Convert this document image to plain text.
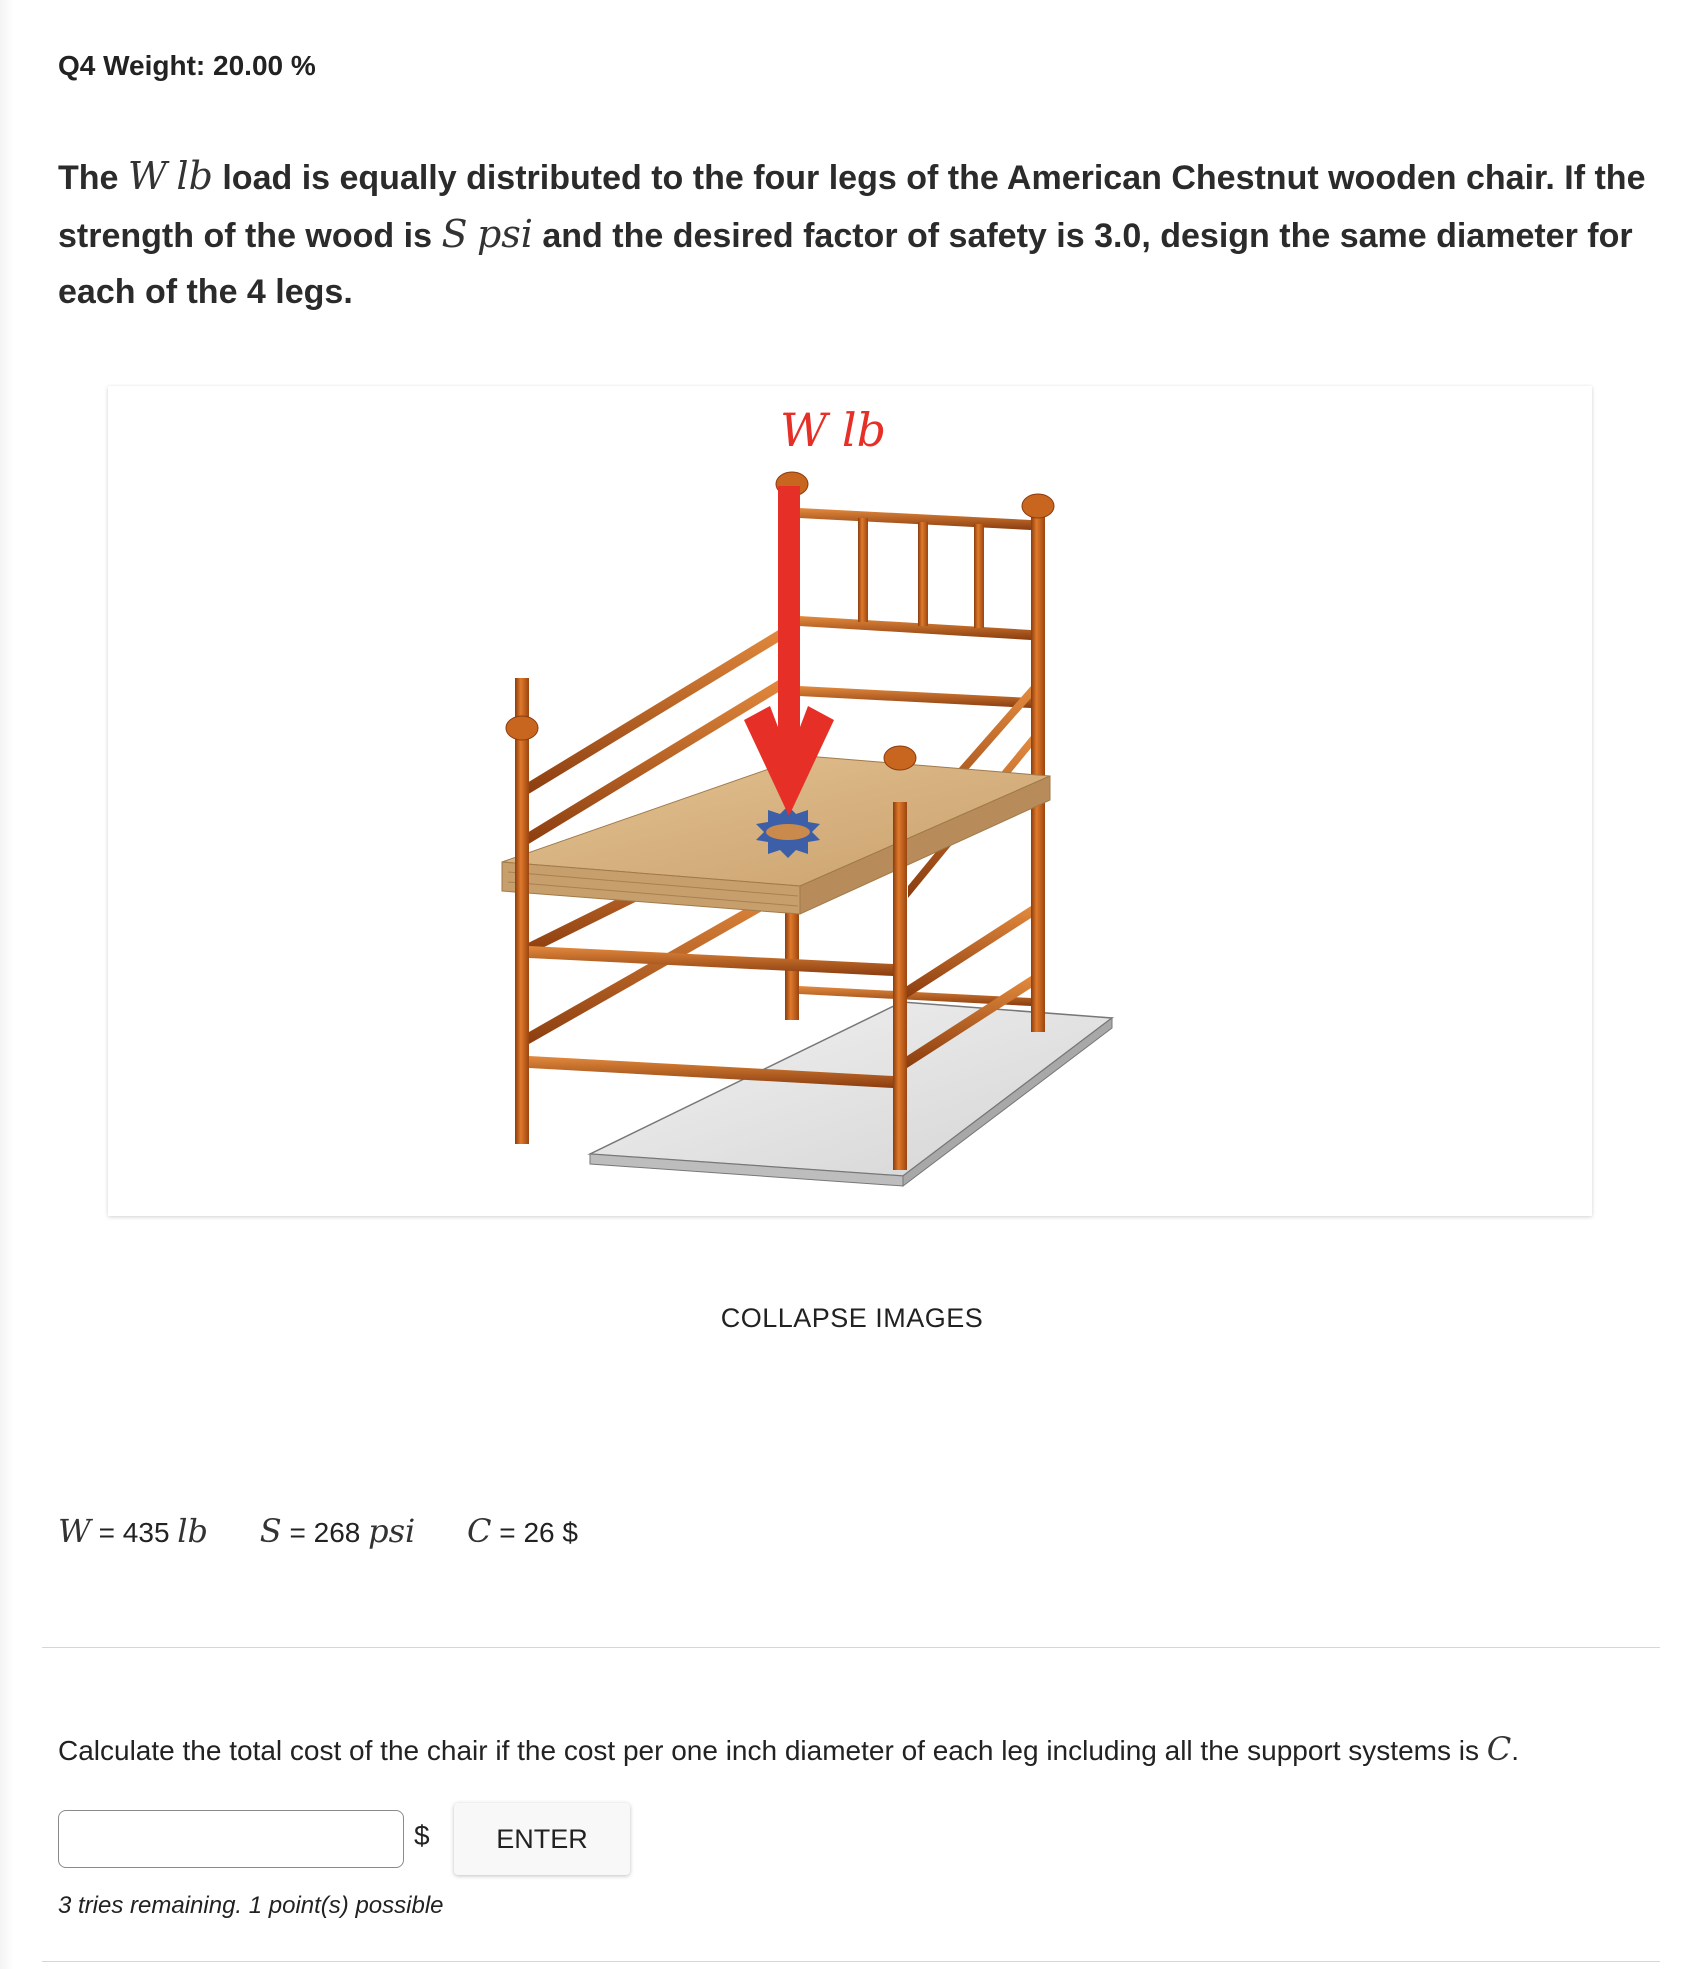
Q4 Weight: 20.00 %
The W lb load is equally distributed to the four legs of the American Chestnut wooden chair. If the strength of the wood is S psi and the desired factor of safety is 3.0, design the same diameter for each of the 4 legs.
W lb
COLLAPSE IMAGES
W = 435 lb S = 268 psi C = 26 $
Calculate the total cost of the chair if the cost per one inch diameter of each leg including all the support systems is C.
$	ENTER
3 tries remaining. 1 point(s) possible
